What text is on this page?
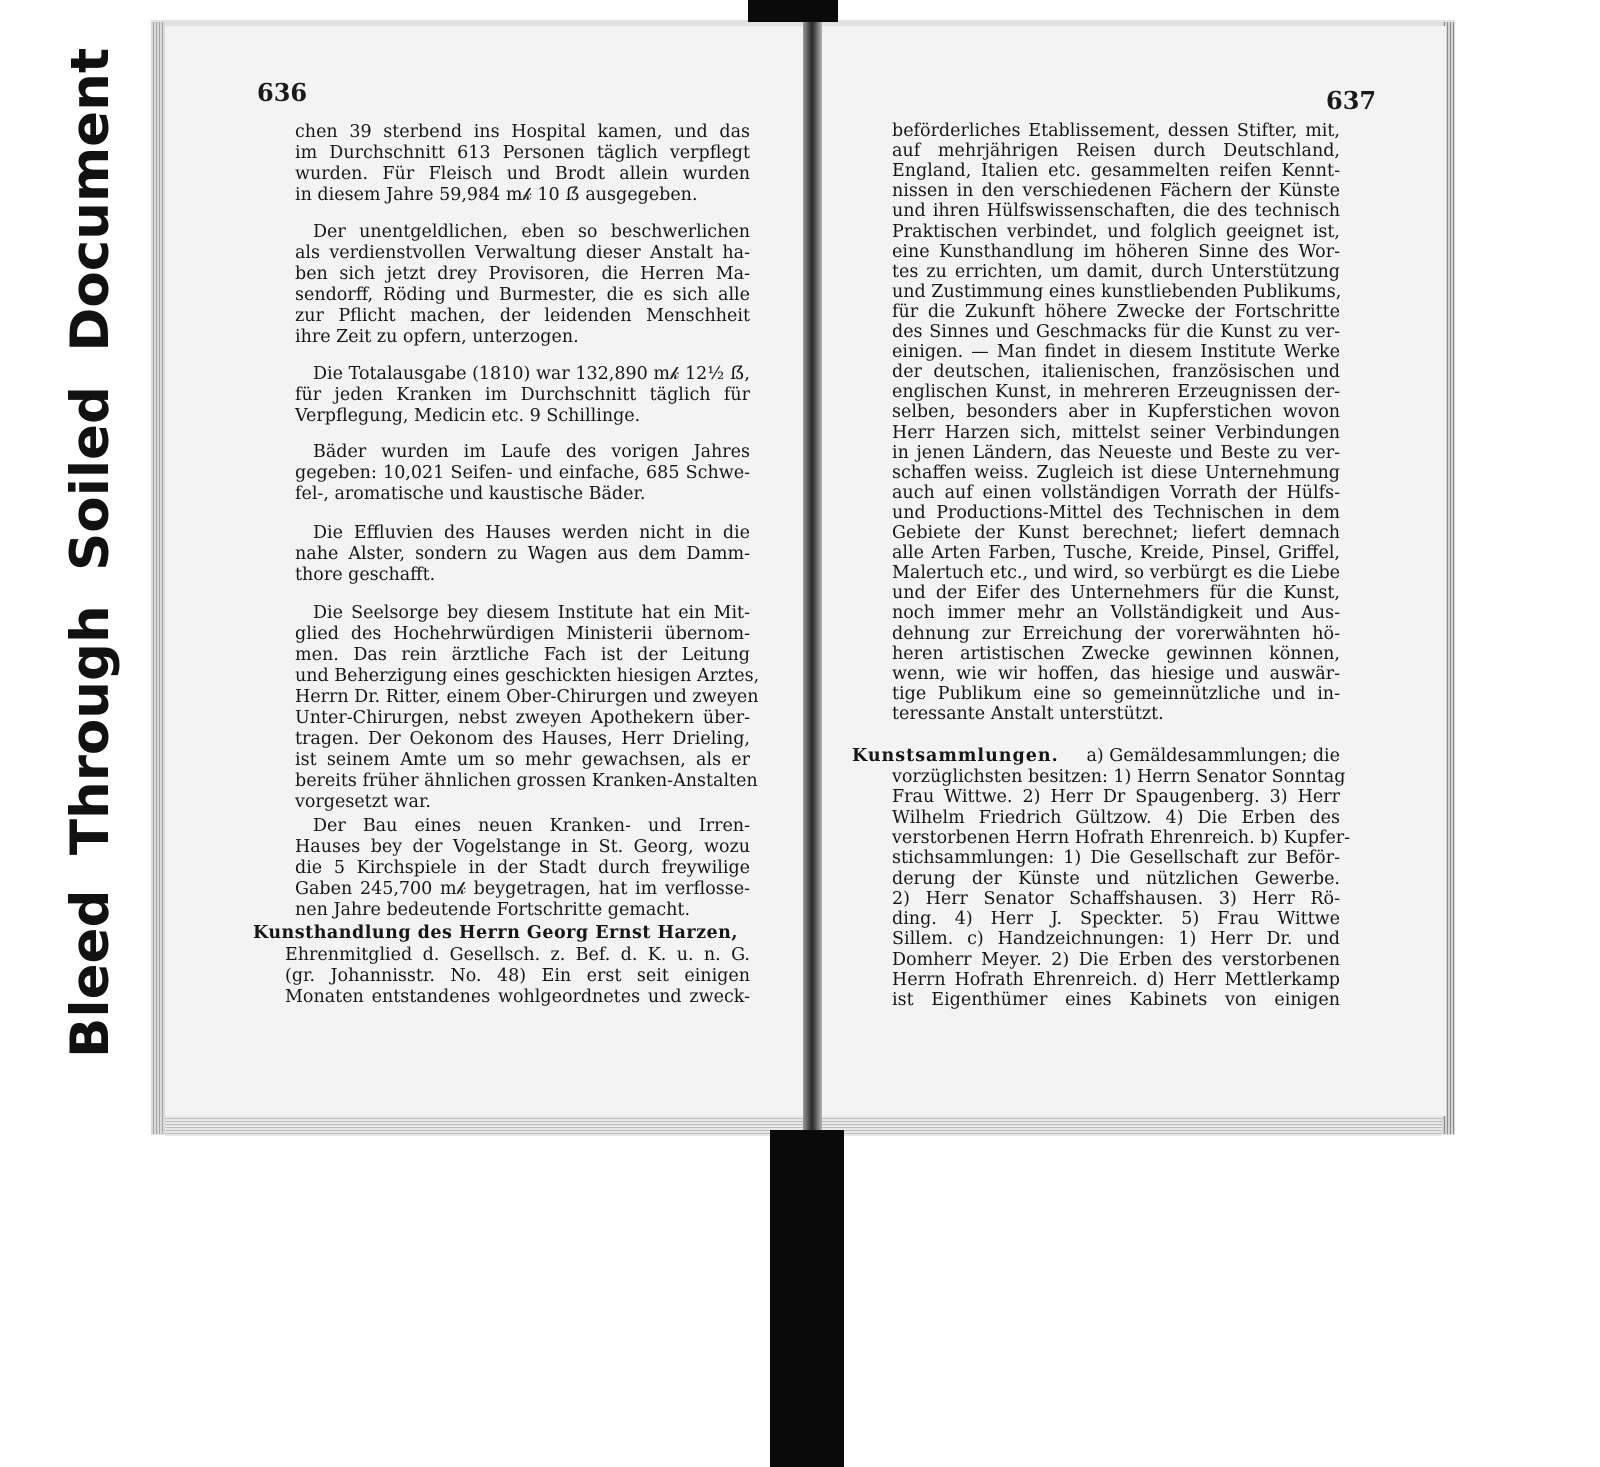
Bleed Through Soiled Document	636
chen 39 sterbend ins Hospital kamen, und das
im Durchschnitt 613 Personen täglich verpflegt
wurden. Für Fleisch und Brodt allein wurden
in diesem Jahre 59,984 m𝓀 10 ẞ ausgegeben.
Der unentgeldlichen, eben so beschwerlichen
als verdienstvollen Verwaltung dieser Anstalt ha-
ben sich jetzt drey Provisoren, die Herren Ma-
sendorff, Röding und Burmester, die es sich alle
zur Pflicht machen, der leidenden Menschheit
ihre Zeit zu opfern, unterzogen.
Die Totalausgabe (1810) war 132,890 m𝓀 12½ ẞ,
für jeden Kranken im Durchschnitt täglich für
Verpflegung, Medicin etc. 9 Schillinge.
Bäder wurden im Laufe des vorigen Jahres
gegeben: 10,021 Seifen- und einfache, 685 Schwe-
fel-, aromatische und kaustische Bäder.
Die Effluvien des Hauses werden nicht in die
nahe Alster, sondern zu Wagen aus dem Damm-
thore geschafft.
Die Seelsorge bey diesem Institute hat ein Mit-
glied des Hochehrwürdigen Ministerii übernom-
men. Das rein ärztliche Fach ist der Leitung
und Beherzigung eines geschickten hiesigen Arztes,
Herrn Dr. Ritter, einem Ober-Chirurgen und zweyen
Unter-Chirurgen, nebst zweyen Apothekern über-
tragen. Der Oekonom des Hauses, Herr Drieling,
ist seinem Amte um so mehr gewachsen, als er
bereits früher ähnlichen grossen Kranken-Anstalten
vorgesetzt war.
Der Bau eines neuen Kranken- und Irren-
Hauses bey der Vogelstange in St. Georg, wozu
die 5 Kirchspiele in der Stadt durch freywilige
Gaben 245,700 m𝓀 beygetragen, hat im verflosse-
nen Jahre bedeutende Fortschritte gemacht.
Kunsthandlung des Herrn Georg Ernst Harzen,
Ehrenmitglied d. Gesellsch. z. Bef. d. K. u. n. G.
(gr. Johannisstr. No. 48) Ein erst seit einigen
Monaten entstandenes wohlgeordnetes und zweck-
637
beförderliches Etablissement, dessen Stifter, mit,
auf mehrjährigen Reisen durch Deutschland,
England, Italien etc. gesammelten reifen Kennt-
nissen in den verschiedenen Fächern der Künste
und ihren Hülfswissenschaften, die des technisch
Praktischen verbindet, und folglich geeignet ist,
eine Kunsthandlung im höheren Sinne des Wor-
tes zu errichten, um damit, durch Unterstützung
und Zustimmung eines kunstliebenden Publikums,
für die Zukunft höhere Zwecke der Fortschritte
des Sinnes und Geschmacks für die Kunst zu ver-
einigen. — Man findet in diesem Institute Werke
der deutschen, italienischen, französischen und
englischen Kunst, in mehreren Erzeugnissen der-
selben, besonders aber in Kupferstichen wovon
Herr Harzen sich, mittelst seiner Verbindungen
in jenen Ländern, das Neueste und Beste zu ver-
schaffen weiss. Zugleich ist diese Unternehmung
auch auf einen vollständigen Vorrath der Hülfs-
und Productions-Mittel des Technischen in dem
Gebiete der Kunst berechnet; liefert demnach
alle Arten Farben, Tusche, Kreide, Pinsel, Griffel,
Malertuch etc., und wird, so verbürgt es die Liebe
und der Eifer des Unternehmers für die Kunst,
noch immer mehr an Vollständigkeit und Aus-
dehnung zur Erreichung der vorerwähnten hö-
heren artistischen Zwecke gewinnen können,
wenn, wie wir hoffen, das hiesige und auswär-
tige Publikum eine so gemeinnützliche und in-
teressante Anstalt unterstützt.
Kunstsammlungen. a) Gemäldesammlungen; die
vorzüglichsten besitzen: 1) Herrn Senator Sonntag
Frau Wittwe. 2) Herr Dr Spaugenberg. 3) Herr
Wilhelm Friedrich Gültzow. 4) Die Erben des
verstorbenen Herrn Hofrath Ehrenreich. b) Kupfer-
stichsammlungen: 1) Die Gesellschaft zur Beför-
derung der Künste und nützlichen Gewerbe.
2) Herr Senator Schaffshausen. 3) Herr Rö-
ding. 4) Herr J. Speckter. 5) Frau Wittwe
Sillem. c) Handzeichnungen: 1) Herr Dr. und
Domherr Meyer. 2) Die Erben des verstorbenen
Herrn Hofrath Ehrenreich. d) Herr Mettlerkamp
ist Eigenthümer eines Kabinets von einigen
